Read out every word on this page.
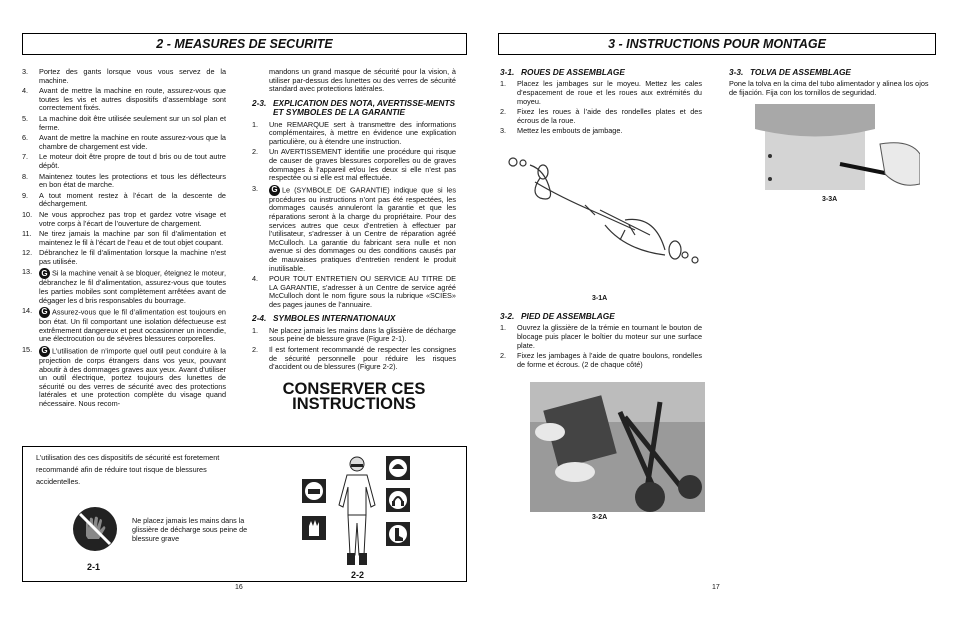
2 - MEASURES DE SECURITE
3.	Portez des gants lorsque vous vous servez de la machine.
4.	Avant de mettre la machine en route, assurez-vous que toutes les vis et autres dispositifs d’assemblage sont correctement fixés.
5.	La machine doit être utilisée seulement sur un sol plan et ferme.
6.	Avant de mettre la machine en route assurez-vous que la chambre de chargement est vide.
7.	Le moteur doit être propre de tout d bris ou de tout autre dépôt.
8.	Maintenez toutes les protections et tous les déflecteurs en bon état de marche.
9.	A tout moment restez à l’écart de la descente de déchargement.
10. Ne vous approchez pas trop et gardez votre visage et votre corps à l’écart de l’ouverture de chargement.
11.	Ne tirez jamais la machine par son fil d’alimentation et maintenez le fil à l’écart de l’eau et de tout objet coupant.
12. Débranchez le fil d’alimentation lorsque la machine n’est pas utilisée.
13.	G Si la machine venait à se bloquer, éteignez le moteur, débranchez le fil d’alimentation, assurez-vous que toutes les parties mobiles sont complètement arrêtées avant de dégager les d bris responsables du bourrage.
14.	G Assurez-vous que le fil d’alimentation est toujours en bon état. Un fil comportant une isolation défectueuse est extrêmement dangereux et peut occasionner un incendie, une électrocution ou de sévères blessures corporelles.
15.	G L’utilisation de n’importe quel outil peut conduire à la projection de corps étrangers dans vos yeux, pouvant aboutir à des dommages graves aux yeux. Avant d’utiliser un outil électrique, portez toujours des lunettes de sécurité ou des verres de sécurité avec des protections latérales et une protection complète du visage quand nécessaire. Nous recom-

mandons un grand masque de sécurité pour la vision, à utiliser par-dessus des lunettes ou des verres de sécurité standard avec protections latérales.

2-3. EXPLICATION DES NOTA, AVERTISSE-MENTS ET SYMBOLES DE LA GARANTIE
1.	Une REMARQUE sert à transmettre des informations complémentaires, à mettre en évidence une explication particulière, ou à étendre une instruction.
2.	Un AVERTISSEMENT identifie une procédure qui risque de causer de graves blessures corporelles ou de graves dommages à l’appareil et/ou les deux si elle n’est pas respectée ou si elle est mal effectuée.
3.	G Le (SYMBOLE DE GARANTIE) indique que si les procédures ou instructions n’ont pas été respectées, les dommages causés annuleront la garantie et que les réparations seront à la charge du propriétaire. Pour des services autres que ceux d’entretien à effectuer par l’utilisateur, s’adresser à un Centre de réparation agréé McCulloch. La garantie du fabricant sera nulle et non avenue si des dommages ou des conditions causés par de mauvaises pratiques d’entretien rendent le produit inutilisable.
4.	POUR TOUT ENTRETIEN OU SERVICE AU TITRE DE LA GARANTIE, s’adresser à un Centre de service agréé McCulloch dont le nom figure sous la rubrique «SCIES» des pages jaunes de l’annuaire.
2-4. SYMBOLES INTERNATIONAUX
1.	Ne placez jamais les mains dans la glissière de décharge sous peine de blessure grave (Figure 2-1).
2.	Il est fortement recommandé de respecter les consignes de sécurité personnelle pour réduire les risques d’accident ou de blessures (Figure 2-2).
CONSERVER CES INSTRUCTIONS
L’utilisation des ces dispositifs de sécurité est foretement recommandé afin de réduire tout risque de blessures accidentelles.
Ne placez jamais les mains dans la glissière de décharge sous peine de blessure grave
2-1
2-2
16
3 - INSTRUCTIONS POUR MONTAGE
3-1. ROUES DE ASSEMBLAGE
1.	Placez les jambages sur le moyeu. Mettez les cales d’espacement de roue et les roues aux extrémités du moyeu.
2.	Fixez les roues à l’aide des rondelles plates et des écrous de la roue.
3.	Mettez les embouts de jambage.
3-1A
3-2. PIED DE ASSEMBLAGE
1.	Ouvrez la glissière de la trémie en tournant le bouton de blocage puis placer le boîtier du moteur sur une surface plate.
2.	Fixez les jambages à l’aide de quatre boulons, rondelles de forme et écrous. (2 de chaque côté)
3-2A
3-3. TOLVA DE ASSEMBLAGE

Pone la tolva en la cima del tubo alimentador y alinea los ojos de fijación. Fija con los tornillos de seguridad.

3-3A
17
